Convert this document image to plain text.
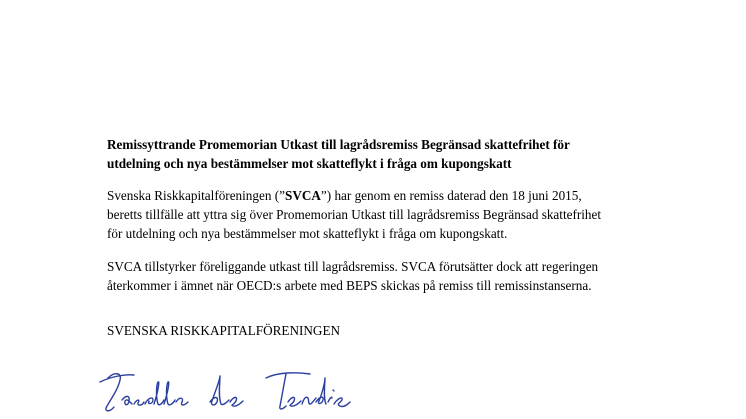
Remissyttrande Promemorian Utkast till lagrådsremiss Begränsad skattefrihet för

utdelning och nya bestämmelser mot skatteflykt i fråga om kupongskatt

Svenska Riskkapitalföreningen (”SVCA”) har genom en remiss daterad den 18 juni 2015,

beretts tillfälle att yttra sig över Promemorian Utkast till lagrådsremiss Begränsad skattefrihet

för utdelning och nya bestämmelser mot skatteflykt i fråga om kupongskatt.

SVCA tillstyrker föreliggande utkast till lagrådsremiss. SVCA förutsätter dock att regeringen

återkommer i ämnet när OECD:s arbete med BEPS skickas på remiss till remissinstanserna.

SVENSKA RISKKAPITALFÖRENINGEN
